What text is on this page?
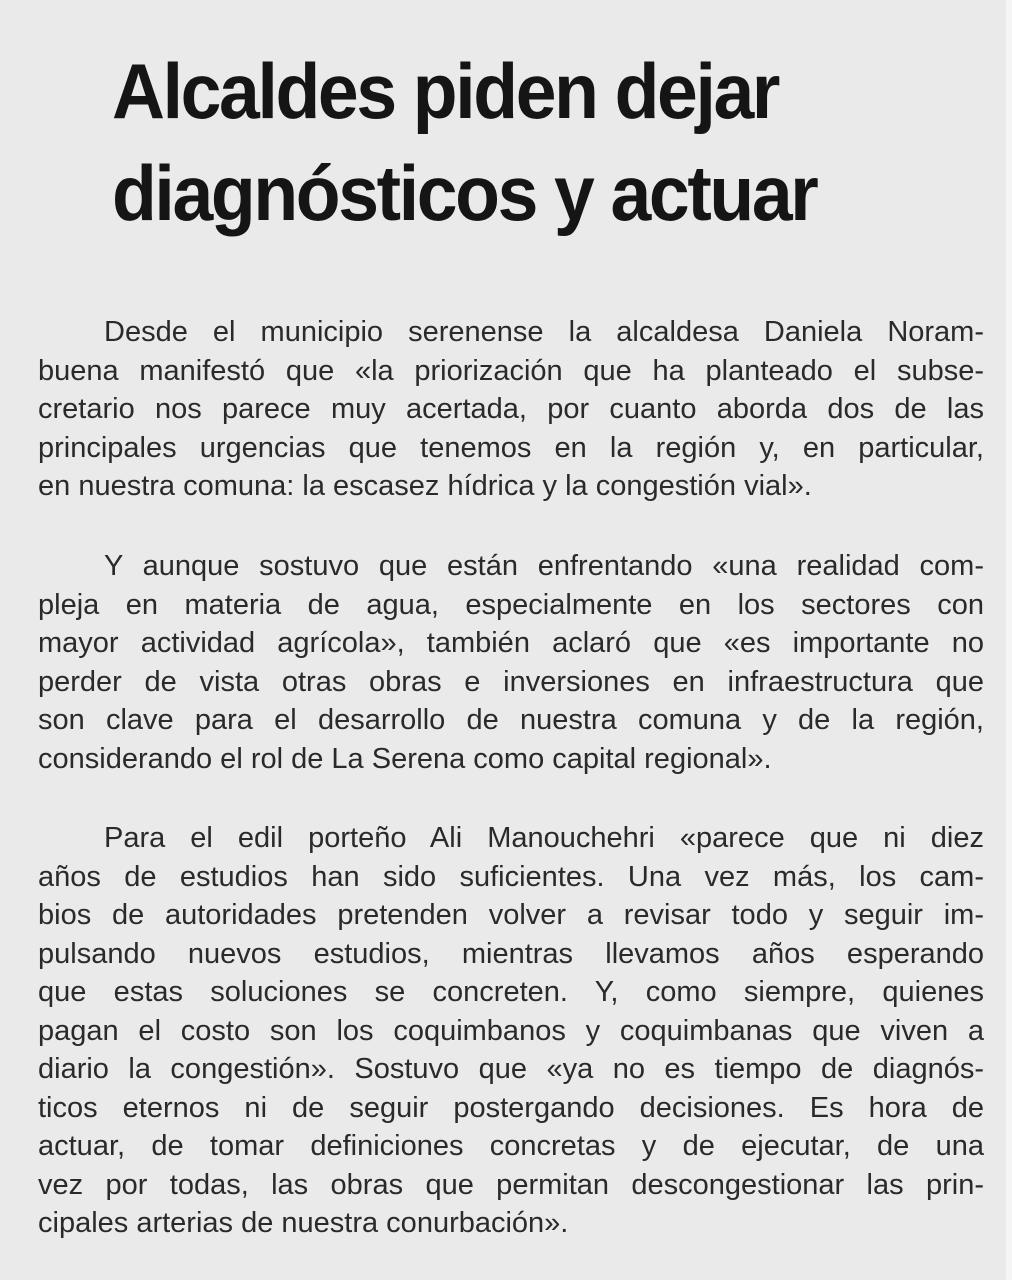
Alcaldes piden dejar
diagnósticos y actuar

Desde el municipio serenense la alcaldesa Daniela Noram-
buena manifestó que «la priorización que ha planteado el subse-
cretario nos parece muy acertada, por cuanto aborda dos de las
principales urgencias que tenemos en la región y, en particular,
en nuestra comuna: la escasez hídrica y la congestión vial».

Y aunque sostuvo que están enfrentando «una realidad com-
pleja en materia de agua, especialmente en los sectores con
mayor actividad agrícola», también aclaró que «es importante no
perder de vista otras obras e inversiones en infraestructura que
son clave para el desarrollo de nuestra comuna y de la región,
considerando el rol de La Serena como capital regional».

Para el edil porteño Ali Manouchehri «parece que ni diez
años de estudios han sido suficientes. Una vez más, los cam-
bios de autoridades pretenden volver a revisar todo y seguir im-
pulsando nuevos estudios, mientras llevamos años esperando
que estas soluciones se concreten. Y, como siempre, quienes
pagan el costo son los coquimbanos y coquimbanas que viven a
diario la congestión». Sostuvo que «ya no es tiempo de diagnós-
ticos eternos ni de seguir postergando decisiones. Es hora de
actuar, de tomar definiciones concretas y de ejecutar, de una
vez por todas, las obras que permitan descongestionar las prin-
cipales arterias de nuestra conurbación».
